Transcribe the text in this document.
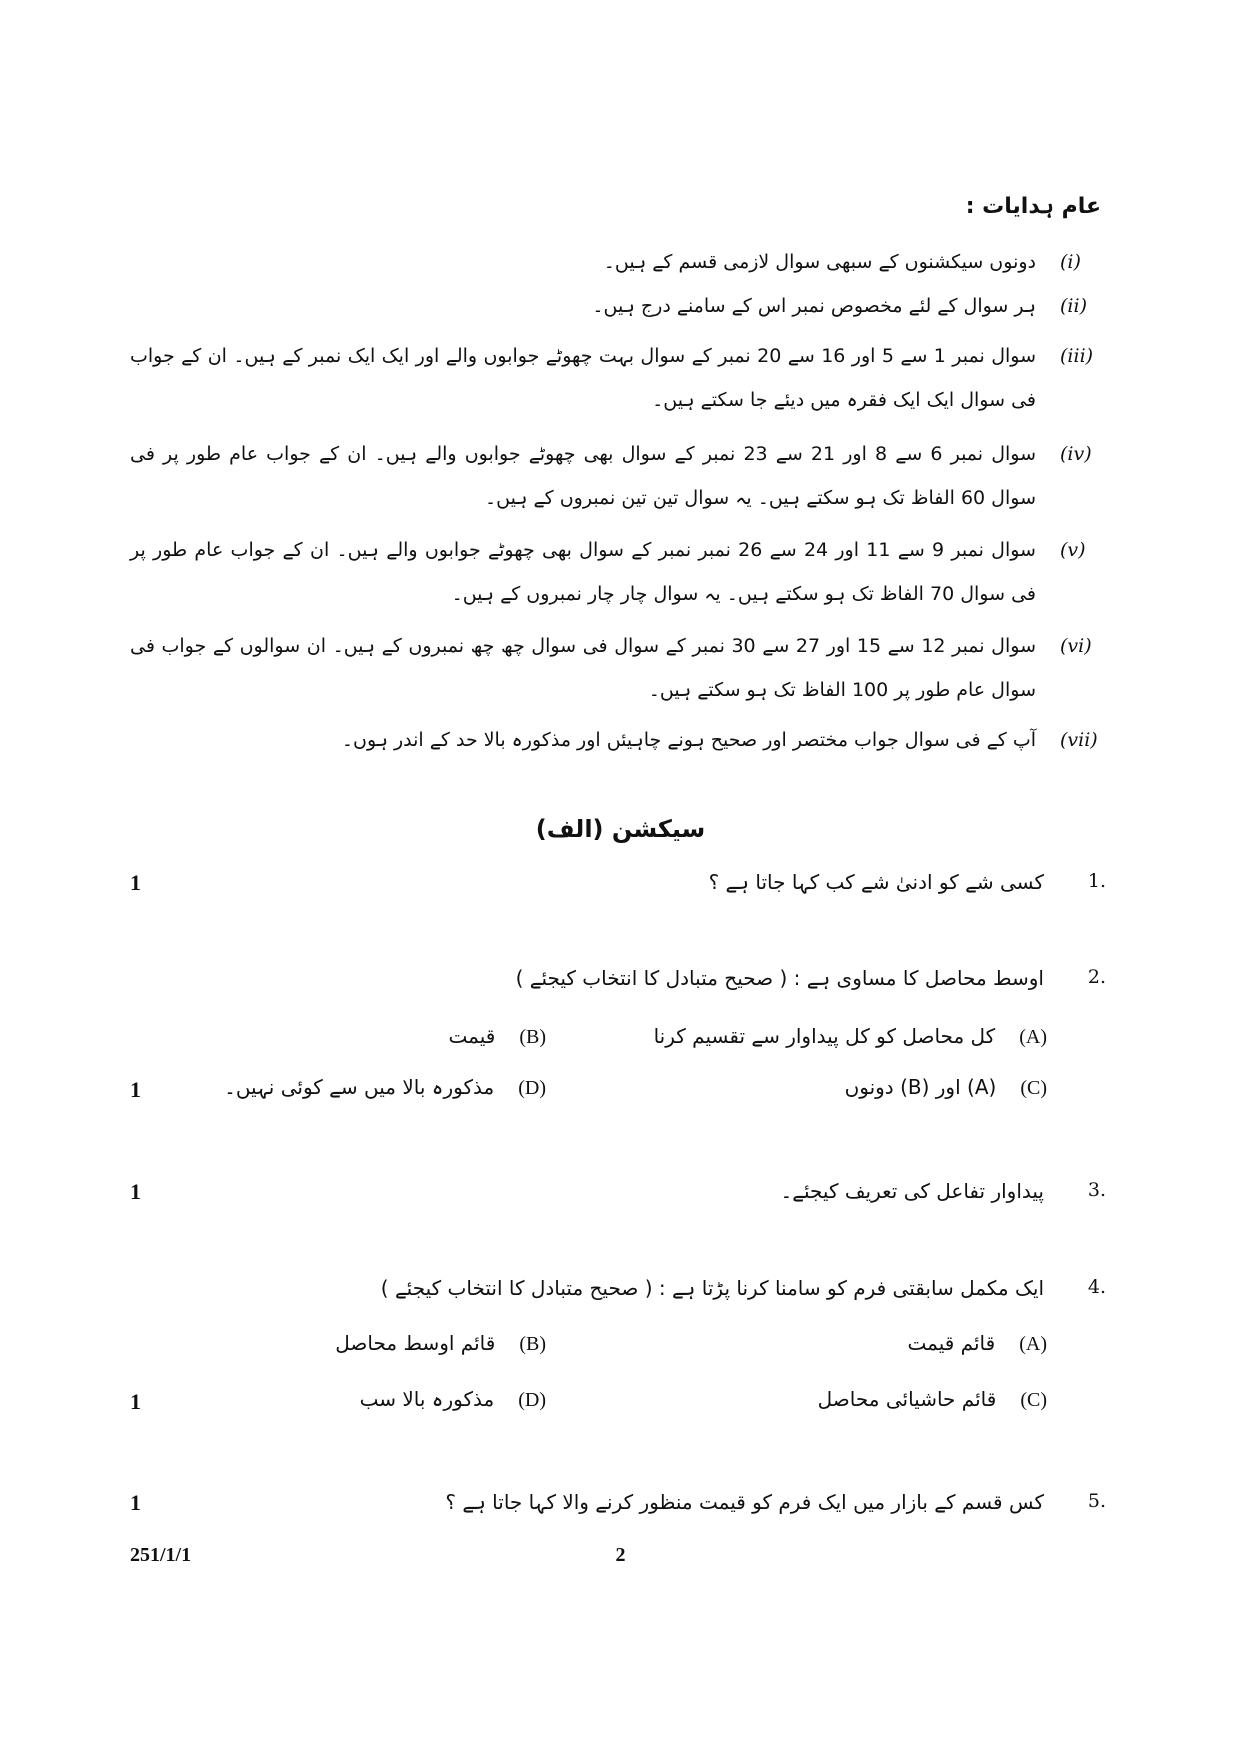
عام ہدایات :
(i)
دونوں سیکشنوں کے سبھی سوال لازمی قسم کے ہیں۔
(ii)
ہر سوال کے لئے مخصوص نمبر اس کے سامنے درج ہیں۔
(iii)
سوال نمبر 1 سے 5 اور 16 سے 20 نمبر کے سوال بہت چھوٹے جوابوں والے اور ایک ایک نمبر کے ہیں۔ ان کے جواب فی سوال ایک ایک فقرہ میں دیئے جا سکتے ہیں۔
(iv)
سوال نمبر 6 سے 8 اور 21 سے 23 نمبر کے سوال بھی چھوٹے جوابوں والے ہیں۔ ان کے جواب عام طور پر فی سوال 60 الفاظ تک ہو سکتے ہیں۔ یہ سوال تین تین نمبروں کے ہیں۔
(v)
سوال نمبر 9 سے 11 اور 24 سے 26 نمبر نمبر کے سوال بھی چھوٹے جوابوں والے ہیں۔ ان کے جواب عام طور پر فی سوال 70 الفاظ تک ہو سکتے ہیں۔ یہ سوال چار چار نمبروں کے ہیں۔
(vi)
سوال نمبر 12 سے 15 اور 27 سے 30 نمبر کے سوال فی سوال چھ چھ نمبروں کے ہیں۔ ان سوالوں کے جواب فی سوال عام طور پر 100 الفاظ تک ہو سکتے ہیں۔
(vii)
آپ کے فی سوال جواب مختصر اور صحیح ہونے چاہیئں اور مذکورہ بالا حد کے اندر ہوں۔
سیکشن (الف)
1.
کسی شے کو ادنیٰ شے کب کہا جاتا ہے ؟
1
2.
اوسط محاصل کا مساوی ہے : ( صحیح متبادل کا انتخاب کیجئے )
(A)کل محاصل کو کل پیداوار سے تقسیم کرنا
(B)قیمت
(C)(A) اور (B) دونوں
(D)مذکورہ بالا میں سے کوئی نہیں۔
1
3.
پیداوار تفاعل کی تعریف کیجئے۔
1
4.
ایک مکمل سابقتی فرم کو سامنا کرنا پڑتا ہے : ( صحیح متبادل کا انتخاب کیجئے )
(A)قائم قیمت
(B)قائم اوسط محاصل
(C)قائم حاشیائی محاصل
(D)مذکورہ بالا سب
1
5.
کس قسم کے بازار میں ایک فرم کو قیمت منظور کرنے والا کہا جاتا ہے ؟
1
251/1/1	2
